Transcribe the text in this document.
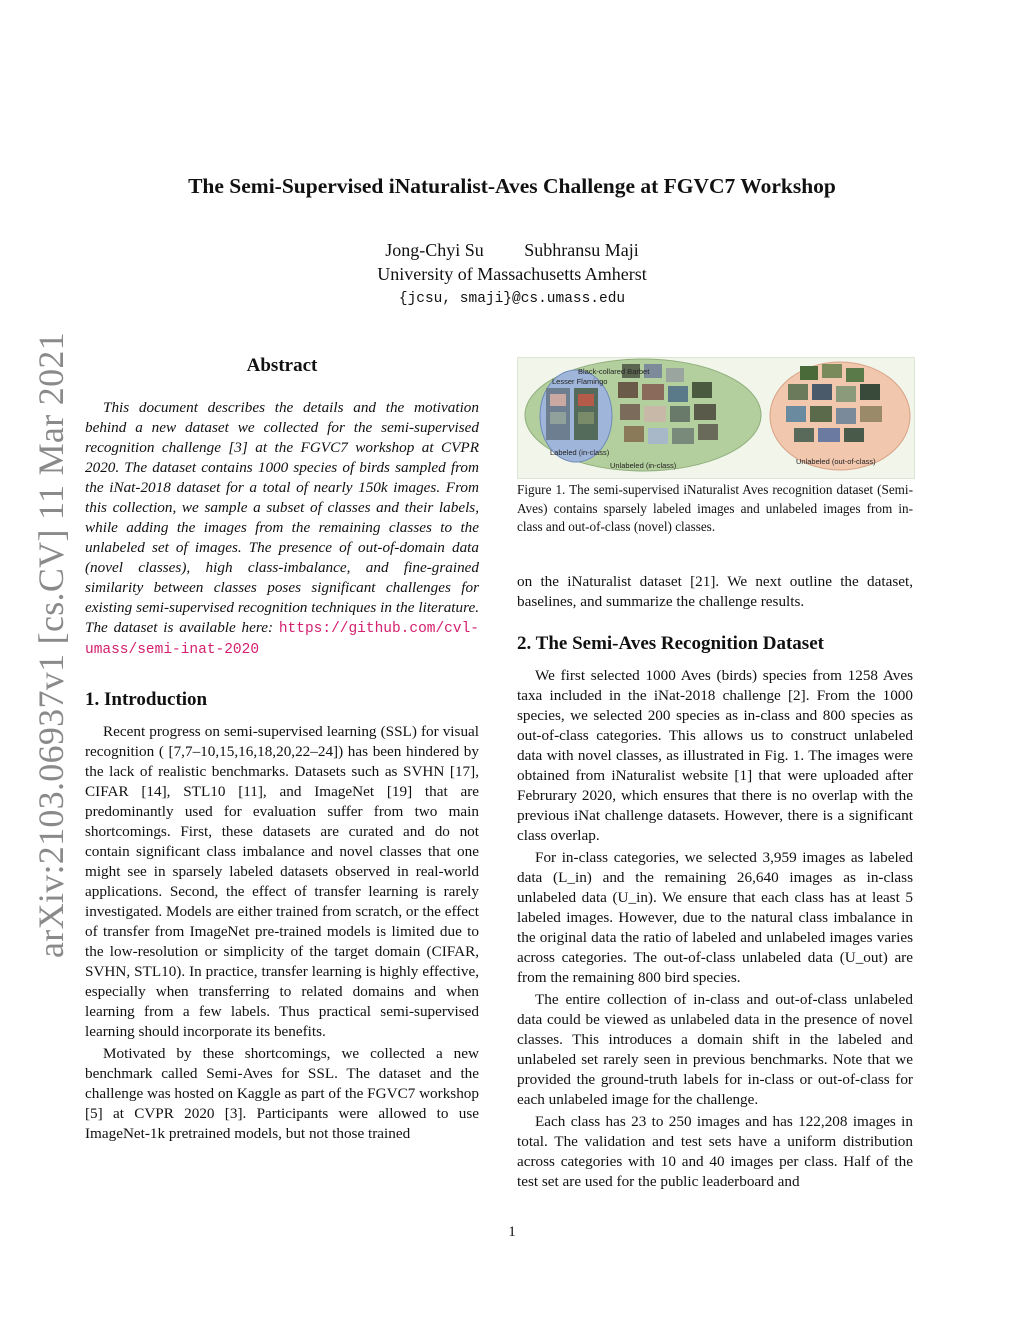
arXiv:2103.06937v1 [cs.CV] 11 Mar 2021
The Semi-Supervised iNaturalist-Aves Challenge at FGVC7 Workshop
Jong-Chyi Su Subhransu Maji
University of Massachusetts Amherst
{jcsu, smaji}@cs.umass.edu
Abstract

This document describes the details and the motivation behind a new dataset we collected for the semi-supervised recognition challenge [3] at the FGVC7 workshop at CVPR 2020. The dataset contains 1000 species of birds sampled from the iNat-2018 dataset for a total of nearly 150k images. From this collection, we sample a subset of classes and their labels, while adding the images from the remaining classes to the unlabeled set of images. The presence of out-of-domain data (novel classes), high class-imbalance, and fine-grained similarity between classes poses significant challenges for existing semi-supervised recognition techniques in the literature. The dataset is available here: https://github.com/cvl-umass/semi-inat-2020

1. Introduction

Recent progress on semi-supervised learning (SSL) for visual recognition ( [7,7–10,15,16,18,20,22–24]) has been hindered by the lack of realistic benchmarks. Datasets such as SVHN [17], CIFAR [14], STL10 [11], and ImageNet [19] that are predominantly used for evaluation suffer from two main shortcomings. First, these datasets are curated and do not contain significant class imbalance and novel classes that one might see in sparsely labeled datasets observed in real-world applications. Second, the effect of transfer learning is rarely investigated. Models are either trained from scratch, or the effect of transfer from ImageNet pre-trained models is limited due to the low-resolution or simplicity of the target domain (CIFAR, SVHN, STL10). In practice, transfer learning is highly effective, especially when transferring to related domains and when learning from a few labels. Thus practical semi-supervised learning should incorporate its benefits.

Motivated by these shortcomings, we collected a new benchmark called Semi-Aves for SSL. The dataset and the challenge was hosted on Kaggle as part of the FGVC7 workshop [5] at CVPR 2020 [3]. Participants were allowed to use ImageNet-1k pretrained models, but not those trained

Lesser Flamingo
Black-collared Barbet
Labeled (in-class)
Unlabeled (in-class)	Unlabeled (out-of-class)
Figure 1. The semi-supervised iNaturalist Aves recognition dataset (Semi-Aves) contains sparsely labeled images and unlabeled images from in-class and out-of-class (novel) classes.

on the iNaturalist dataset [21]. We next outline the dataset, baselines, and summarize the challenge results.

2. The Semi-Aves Recognition Dataset

We first selected 1000 Aves (birds) species from 1258 Aves taxa included in the iNat-2018 challenge [2]. From the 1000 species, we selected 200 species as in-class and 800 species as out-of-class categories. This allows us to construct unlabeled data with novel classes, as illustrated in Fig. 1. The images were obtained from iNaturalist website [1] that were uploaded after Februrary 2020, which ensures that there is no overlap with the previous iNat challenge datasets. However, there is a significant class overlap.

For in-class categories, we selected 3,959 images as labeled data (L_in) and the remaining 26,640 images as in-class unlabeled data (U_in). We ensure that each class has at least 5 labeled images. However, due to the natural class imbalance in the original data the ratio of labeled and unlabeled images varies across categories. The out-of-class unlabeled data (U_out) are from the remaining 800 bird species.

The entire collection of in-class and out-of-class unlabeled data could be viewed as unlabeled data in the presence of novel classes. This introduces a domain shift in the labeled and unlabeled set rarely seen in previous benchmarks. Note that we provided the ground-truth labels for in-class or out-of-class for each unlabeled image for the challenge.

Each class has 23 to 250 images and has 122,208 images in total. The validation and test sets have a uniform distribution across categories with 10 and 40 images per class. Half of the test set are used for the public leaderboard and

1
